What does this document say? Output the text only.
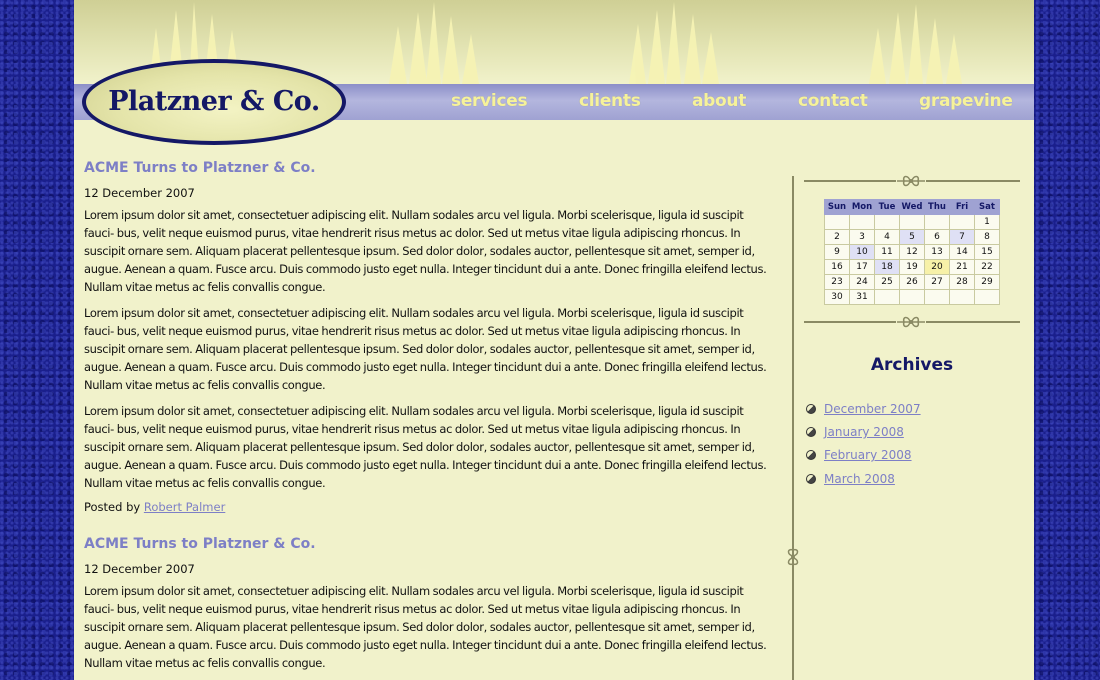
Platzner & Co.	services	clients	about	contact	grapevine
ACME Turns to Platzner & Co.
12 December 2007

Lorem ipsum dolor sit amet, consectetuer adipiscing elit. Nullam sodales arcu vel ligula. Morbi scelerisque, ligula id suscipit fauci- bus, velit neque euismod purus, vitae hendrerit risus metus ac dolor. Sed ut metus vitae ligula adipiscing rhoncus. In suscipit ornare sem. Aliquam placerat pellentesque ipsum. Sed dolor dolor, sodales auctor, pellentesque sit amet, semper id, augue. Aenean a quam. Fusce arcu. Duis commodo justo eget nulla. Integer tincidunt dui a ante. Donec fringilla eleifend lectus. Nullam vitae metus ac felis convallis congue.

Lorem ipsum dolor sit amet, consectetuer adipiscing elit. Nullam sodales arcu vel ligula. Morbi scelerisque, ligula id suscipit fauci- bus, velit neque euismod purus, vitae hendrerit risus metus ac dolor. Sed ut metus vitae ligula adipiscing rhoncus. In suscipit ornare sem. Aliquam placerat pellentesque ipsum. Sed dolor dolor, sodales auctor, pellentesque sit amet, semper id, augue. Aenean a quam. Fusce arcu. Duis commodo justo eget nulla. Integer tincidunt dui a ante. Donec fringilla eleifend lectus. Nullam vitae metus ac felis convallis congue.

Lorem ipsum dolor sit amet, consectetuer adipiscing elit. Nullam sodales arcu vel ligula. Morbi scelerisque, ligula id suscipit fauci- bus, velit neque euismod purus, vitae hendrerit risus metus ac dolor. Sed ut metus vitae ligula adipiscing rhoncus. In suscipit ornare sem. Aliquam placerat pellentesque ipsum. Sed dolor dolor, sodales auctor, pellentesque sit amet, semper id, augue. Aenean a quam. Fusce arcu. Duis commodo justo eget nulla. Integer tincidunt dui a ante. Donec fringilla eleifend lectus. Nullam vitae metus ac felis convallis congue.

Posted by Robert Palmer
ACME Turns to Platzner & Co.
12 December 2007

Lorem ipsum dolor sit amet, consectetuer adipiscing elit. Nullam sodales arcu vel ligula. Morbi scelerisque, ligula id suscipit fauci- bus, velit neque euismod purus, vitae hendrerit risus metus ac dolor. Sed ut metus vitae ligula adipiscing rhoncus. In suscipit ornare sem. Aliquam placerat pellentesque ipsum. Sed dolor dolor, sodales auctor, pellentesque sit amet, semper id, augue. Aenean a quam. Fusce arcu. Duis commodo justo eget nulla. Integer tincidunt dui a ante. Donec fringilla eleifend lectus. Nullam vitae metus ac felis convallis congue.

Sun	Mon	Tue	Wed	Thu	Fri	Sat
						1
2	3	4	5	6	7	8
9	10	11	12	13	14	15
16	17	18	19	20	21	22
23	24	25	26	27	28	29
30	31					
Archives
December 2007
January 2008
February 2008
March 2008
